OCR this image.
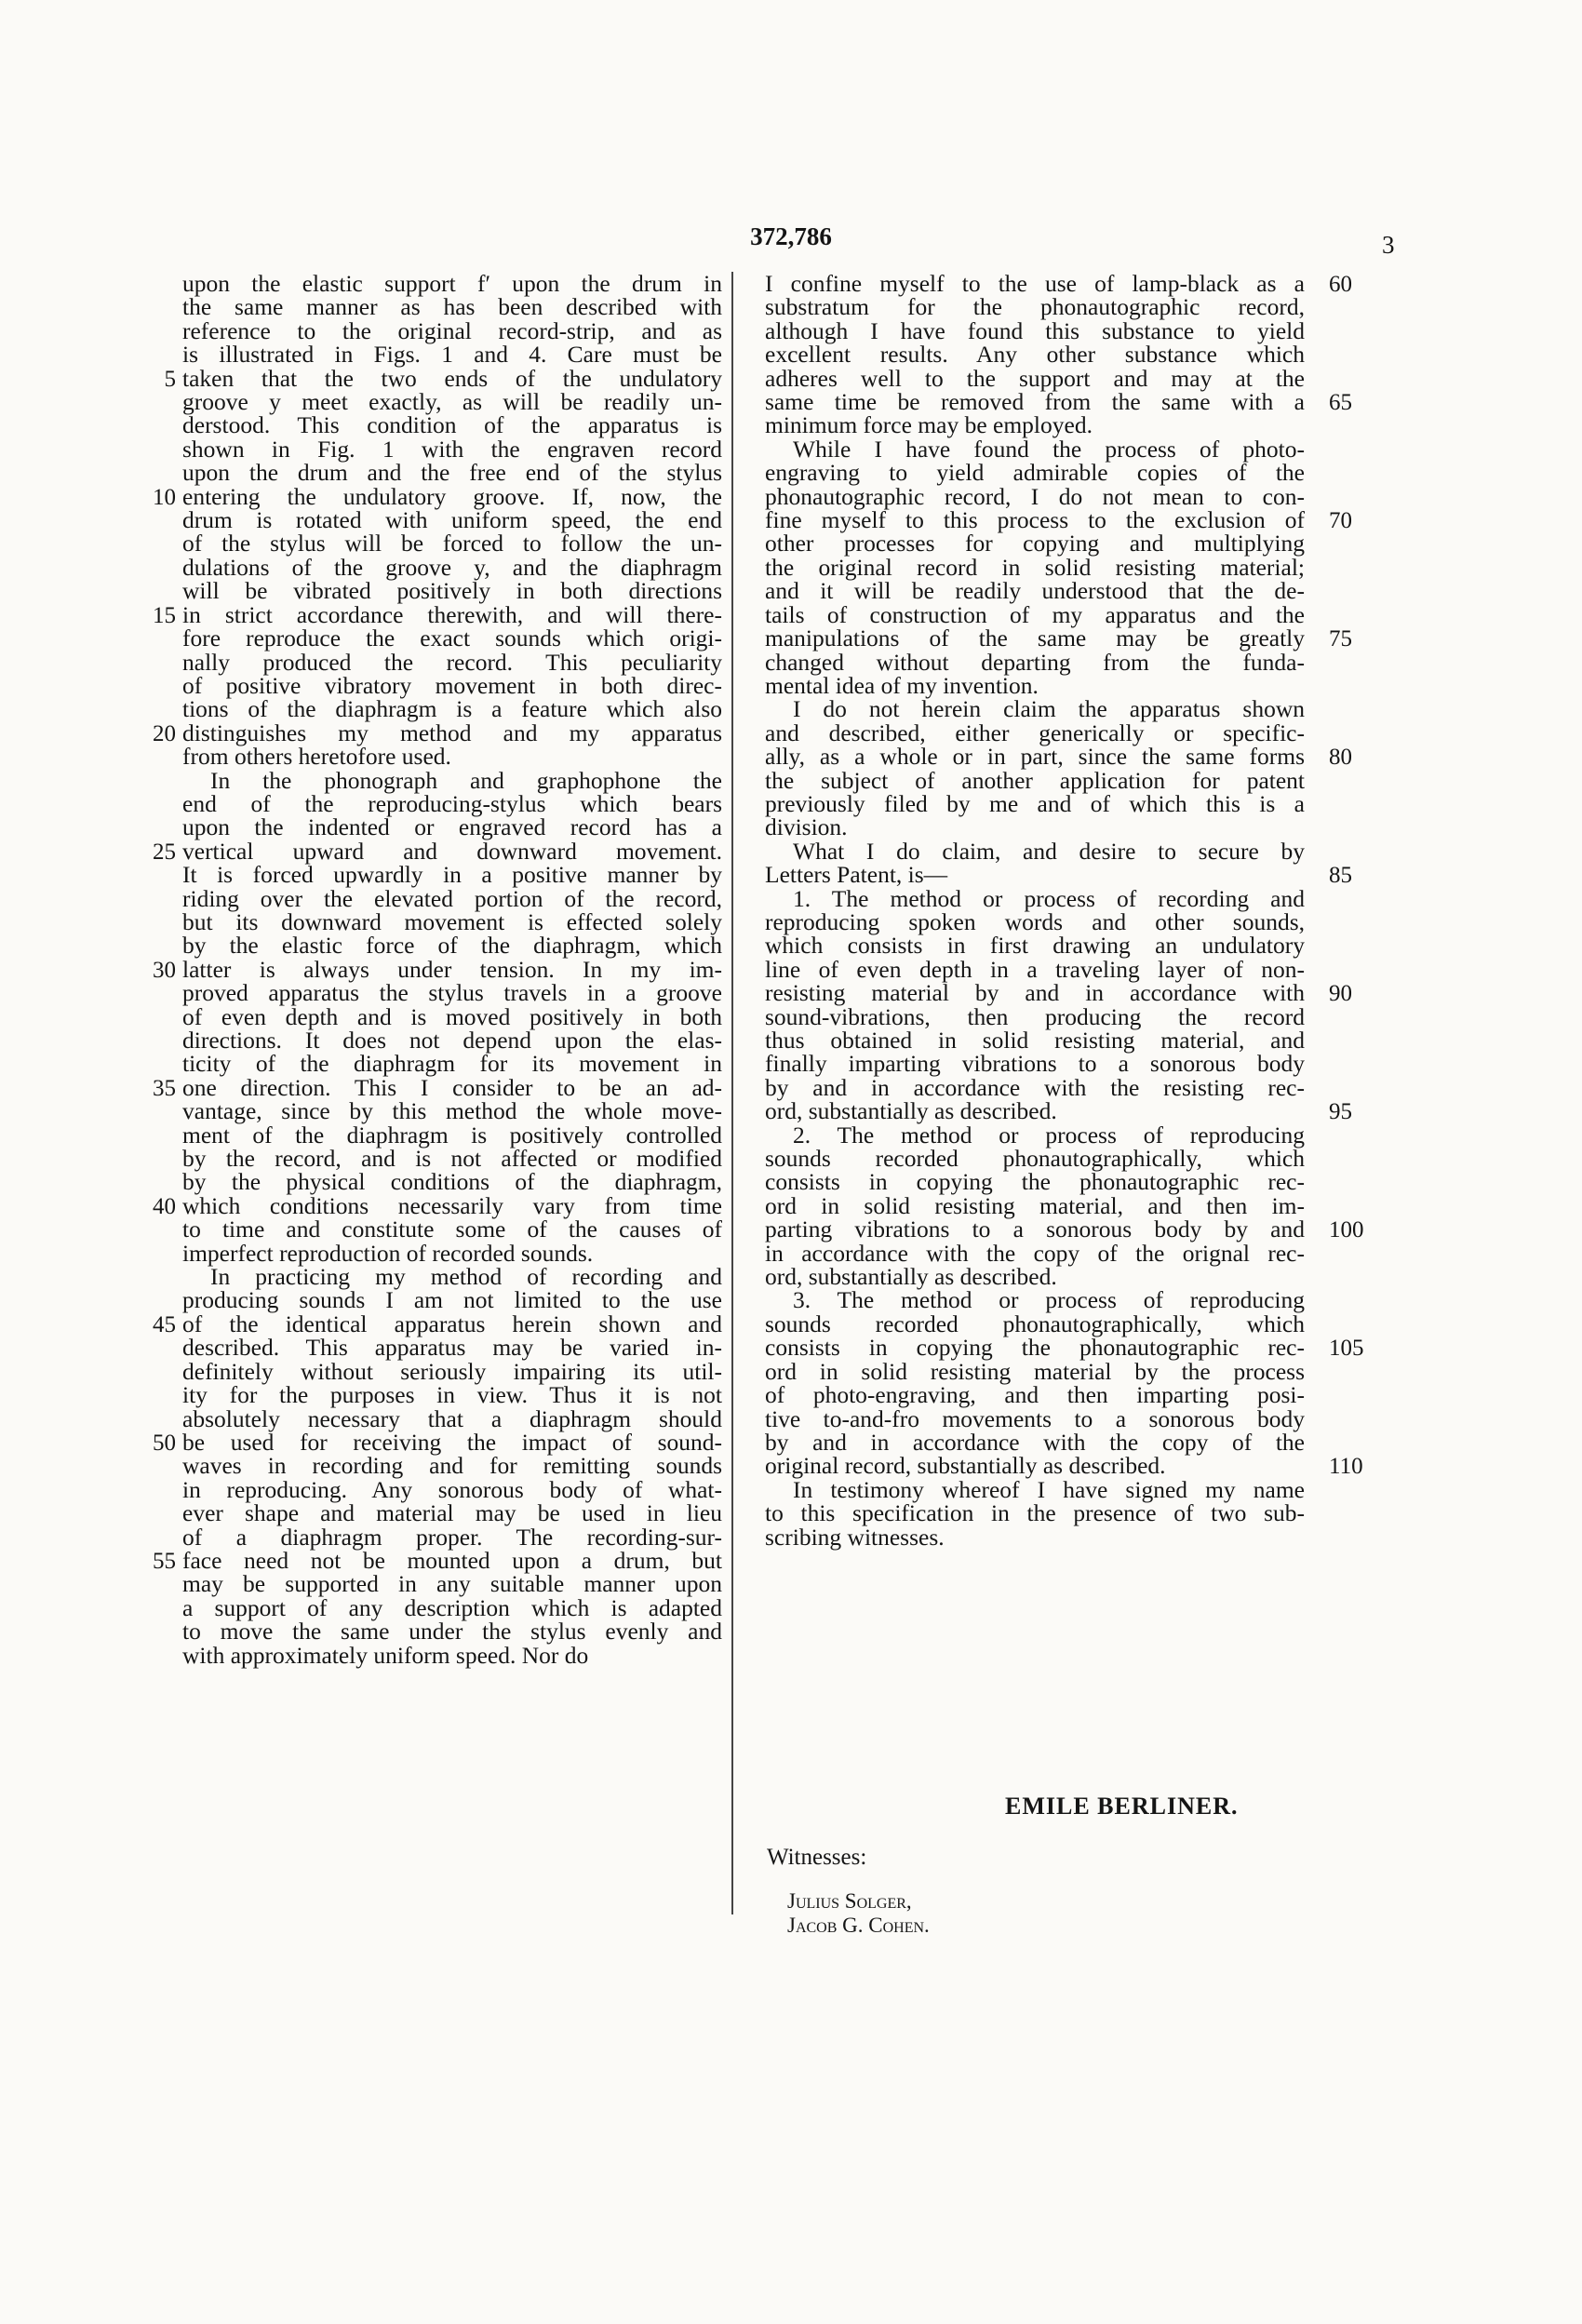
372,786	3

upon the elastic support f′ upon the drum in

the same manner as has been described with

reference to the original record-strip, and as

is illustrated in Figs. 1 and 4. Care must be

taken that the two ends of the undulatory

groove y meet exactly, as will be readily un-

derstood. This condition of the apparatus is

shown in Fig. 1 with the engraven record

upon the drum and the free end of the stylus

entering the undulatory groove. If, now, the

drum is rotated with uniform speed, the end

of the stylus will be forced to follow the un-

dulations of the groove y, and the diaphragm

will be vibrated positively in both directions

in strict accordance therewith, and will there-

fore reproduce the exact sounds which origi-

nally produced the record. This peculiarity

of positive vibratory movement in both direc-

tions of the diaphragm is a feature which also

distinguishes my method and my apparatus

from others heretofore used.

In the phonograph and graphophone the

end of the reproducing-stylus which bears

upon the indented or engraved record has a

vertical upward and downward movement.

It is forced upwardly in a positive manner by

riding over the elevated portion of the record,

but its downward movement is effected solely

by the elastic force of the diaphragm, which

latter is always under tension. In my im-

proved apparatus the stylus travels in a groove

of even depth and is moved positively in both

directions. It does not depend upon the elas-

ticity of the diaphragm for its movement in

one direction. This I consider to be an ad-

vantage, since by this method the whole move-

ment of the diaphragm is positively controlled

by the record, and is not affected or modified

by the physical conditions of the diaphragm,

which conditions necessarily vary from time

to time and constitute some of the causes of

imperfect reproduction of recorded sounds.

In practicing my method of recording and

producing sounds I am not limited to the use

of the identical apparatus herein shown and

described. This apparatus may be varied in-

definitely without seriously impairing its util-

ity for the purposes in view. Thus it is not

absolutely necessary that a diaphragm should

be used for receiving the impact of sound-

waves in recording and for remitting sounds

in reproducing. Any sonorous body of what-

ever shape and material may be used in lieu

of a diaphragm proper. The recording-sur-

face need not be mounted upon a drum, but

may be supported in any suitable manner upon

a support of any description which is adapted

to move the same under the stylus evenly and

with approximately uniform speed. Nor do

I confine myself to the use of lamp-black as a

substratum for the phonautographic record,

although I have found this substance to yield

excellent results. Any other substance which

adheres well to the support and may at the

same time be removed from the same with a

minimum force may be employed.

While I have found the process of photo-

engraving to yield admirable copies of the

phonautographic record, I do not mean to con-

fine myself to this process to the exclusion of

other processes for copying and multiplying

the original record in solid resisting material;

and it will be readily understood that the de-

tails of construction of my apparatus and the

manipulations of the same may be greatly

changed without departing from the funda-

mental idea of my invention.

I do not herein claim the apparatus shown

and described, either generically or specific-

ally, as a whole or in part, since the same forms

the subject of another application for patent

previously filed by me and of which this is a

division.

What I do claim, and desire to secure by

Letters Patent, is—

1. The method or process of recording and

reproducing spoken words and other sounds,

which consists in first drawing an undulatory

line of even depth in a traveling layer of non-

resisting material by and in accordance with

sound-vibrations, then producing the record

thus obtained in solid resisting material, and

finally imparting vibrations to a sonorous body

by and in accordance with the resisting rec-

ord, substantially as described.

2. The method or process of reproducing

sounds recorded phonautographically, which

consists in copying the phonautographic rec-

ord in solid resisting material, and then im-

parting vibrations to a sonorous body by and

in accordance with the copy of the orignal rec-

ord, substantially as described.

3. The method or process of reproducing

sounds recorded phonautographically, which

consists in copying the phonautographic rec-

ord in solid resisting material by the process

of photo-engraving, and then imparting posi-

tive to-and-fro movements to a sonorous body

by and in accordance with the copy of the

original record, substantially as described.

In testimony whereof I have signed my name

to this specification in the presence of two sub-

scribing witnesses.

5
10
15
20
25
30
35
40
45
50
55
60
65
70
75
80
85
90
95
100
105
110
EMILE BERLINER.
Witnesses:
Julius Solger,
Jacob G. Cohen.
